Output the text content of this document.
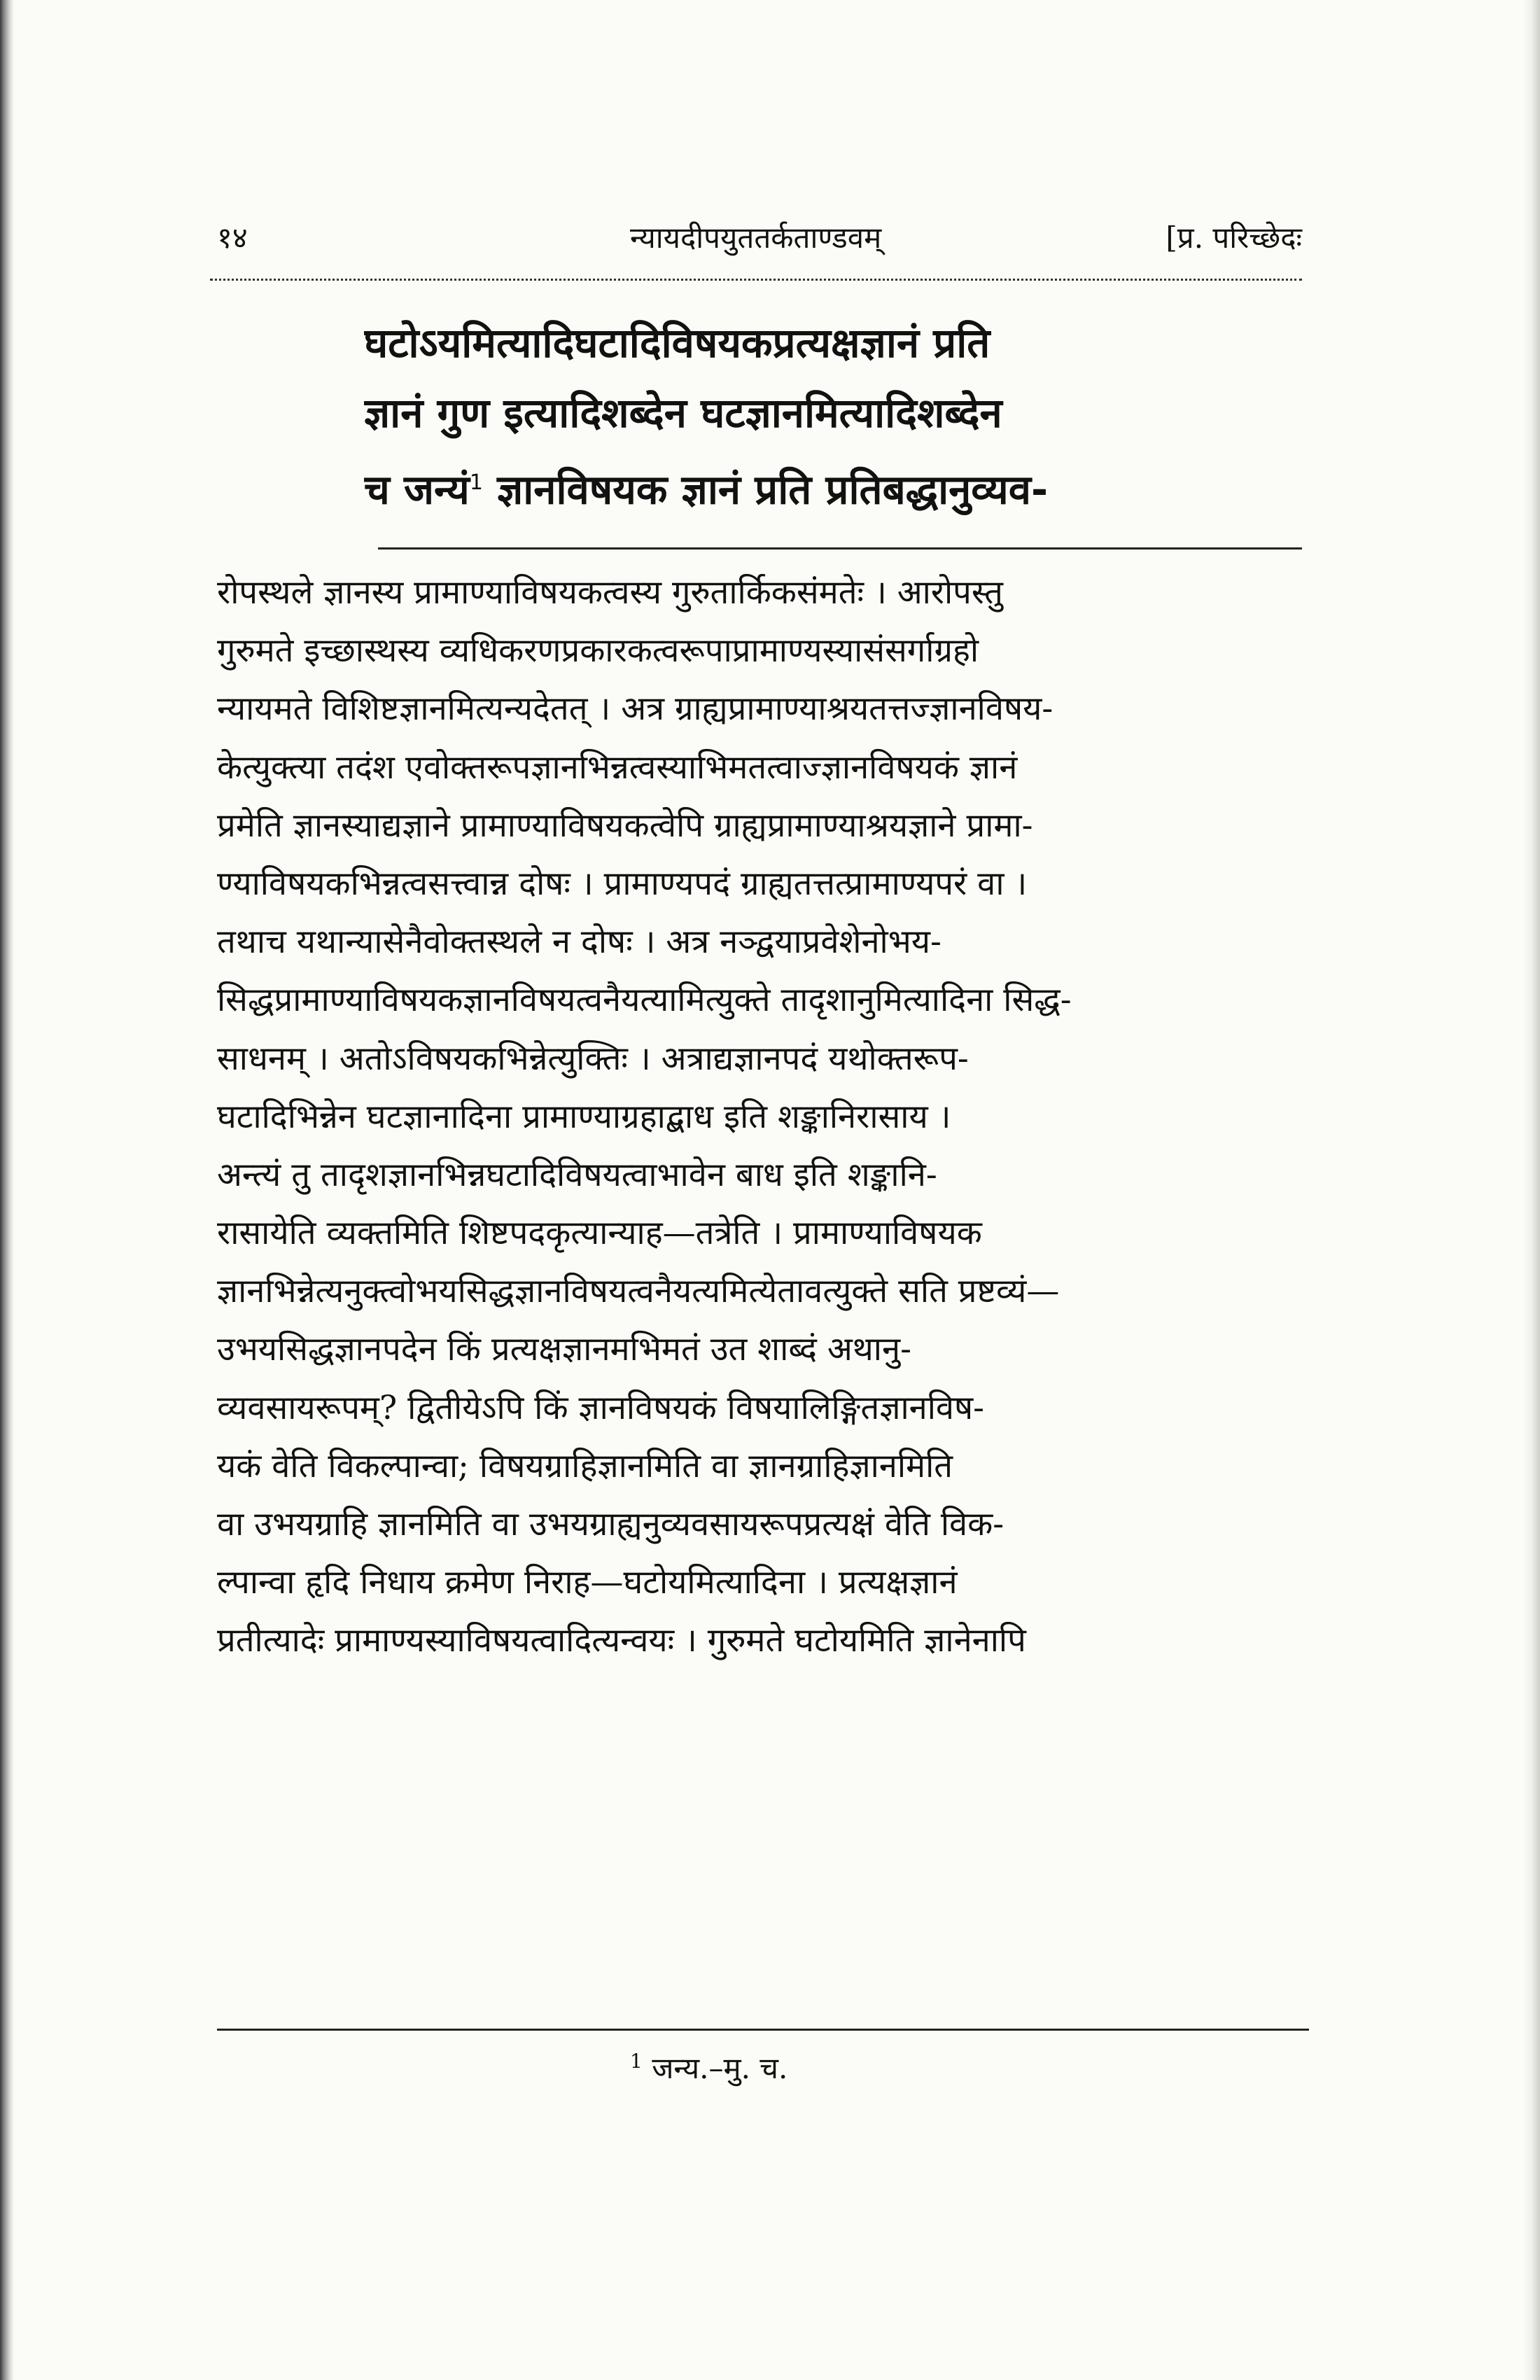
१४	न्यायदीपयुततर्कताण्डवम्	[प्र. परिच्छेदः
घटोऽयमित्यादिघटादिविषयकप्रत्यक्षज्ञानं प्रति
ज्ञानं गुण इत्यादिशब्देन घटज्ञानमित्यादिशब्देन
च जन्यं$^1$ ज्ञानविषयक ज्ञानं प्रति प्रतिबद्धानुव्यव-
रोपस्थले ज्ञानस्य प्रामाण्याविषयकत्वस्य गुरुतार्किकसंमतेः । आरोपस्तु
गुरुमते इच्छास्थस्य व्यधिकरणप्रकारकत्वरूपाप्रामाण्यस्यासंसर्गाग्रहो
न्यायमते विशिष्टज्ञानमित्यन्यदेतत् । अत्र ग्राह्यप्रामाण्याश्रयतत्तज्ज्ञानविषय-
केत्युक्त्या तदंश एवोक्तरूपज्ञानभिन्नत्वस्याभिमतत्वाज्ज्ञानविषयकं ज्ञानं
प्रमेति ज्ञानस्याद्यज्ञाने प्रामाण्याविषयकत्वेपि ग्राह्यप्रामाण्याश्रयज्ञाने प्रामा-
ण्याविषयकभिन्नत्वसत्त्वान्न दोषः । प्रामाण्यपदं ग्राह्यतत्तत्प्रामाण्यपरं वा ।
तथाच यथान्यासेनैवोक्तस्थले न दोषः । अत्र नञ्द्वयाप्रवेशेनोभय-
सिद्धप्रामाण्याविषयकज्ञानविषयत्वनैयत्यामित्युक्ते तादृशानुमित्यादिना सिद्ध-
साधनम् । अतोऽविषयकभिन्नेत्युक्तिः । अत्राद्यज्ञानपदं यथोक्तरूप-
घटादिभिन्नेन घटज्ञानादिना प्रामाण्याग्रहाद्बाध इति शङ्कानिरासाय ।
अन्त्यं तु तादृशज्ञानभिन्नघटादिविषयत्वाभावेन बाध इति शङ्कानि-
रासायेति व्यक्तमिति शिष्टपदकृत्यान्याह—तत्रेति । प्रामाण्याविषयक
ज्ञानभिन्नेत्यनुक्त्वोभयसिद्धज्ञानविषयत्वनैयत्यमित्येतावत्युक्ते सति प्रष्टव्यं—
उभयसिद्धज्ञानपदेन किं प्रत्यक्षज्ञानमभिमतं उत शाब्दं अथानु-
व्यवसायरूपम्? द्वितीयेऽपि किं ज्ञानविषयकं विषयालिङ्गितज्ञानविष-
यकं वेति विकल्पान्वा; विषयग्राहिज्ञानमिति वा ज्ञानग्राहिज्ञानमिति
वा उभयग्राहि ज्ञानमिति वा उभयग्राह्यनुव्यवसायरूपप्रत्यक्षं वेति विक-
ल्पान्वा हृदि निधाय क्रमेण निराह—घटोयमित्यादिना । प्रत्यक्षज्ञानं
प्रतीत्यादेः प्रामाण्यस्याविषयत्वादित्यन्वयः । गुरुमते घटोयमिति ज्ञानेनापि
$^1$ जन्य.–मु. च.
